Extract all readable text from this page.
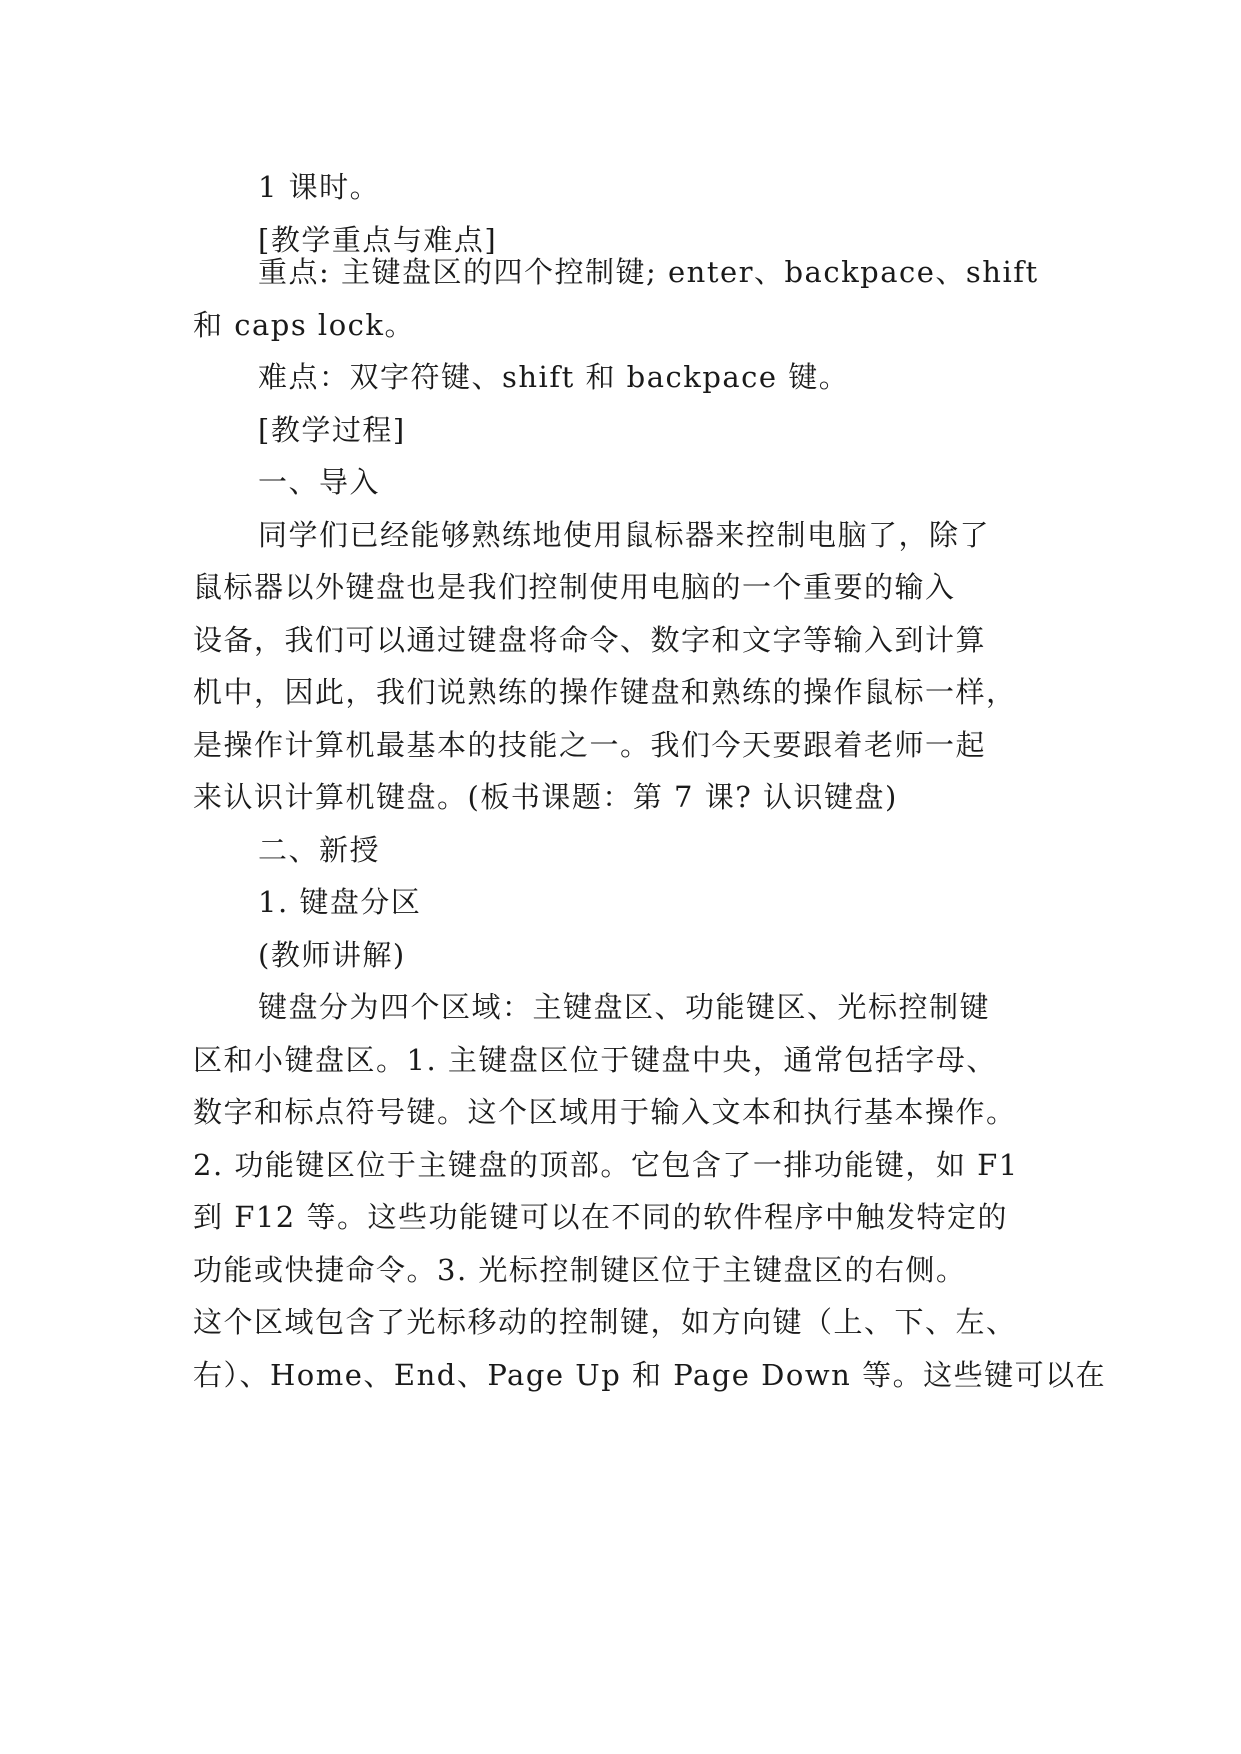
1 课时。
[教学重点与难点]
重点: 主键盘区的四个控制键; enter、backpace、shift
和 caps lock。
难点：双字符键、shift 和 backpace 键。
[教学过程]
一、导入
同学们已经能够熟练地使用鼠标器来控制电脑了，除了
鼠标器以外键盘也是我们控制使用电脑的一个重要的输入
设备，我们可以通过键盘将命令、数字和文字等输入到计算
机中，因此，我们说熟练的操作键盘和熟练的操作鼠标一样，
是操作计算机最基本的技能之一。我们今天要跟着老师一起
来认识计算机键盘。(板书课题：第 7 课? 认识键盘)
二、新授
1. 键盘分区
(教师讲解)
键盘分为四个区域：主键盘区、功能键区、光标控制键
区和小键盘区。1. 主键盘区位于键盘中央，通常包括字母、
数字和标点符号键。这个区域用于输入文本和执行基本操作。
2. 功能键区位于主键盘的顶部。它包含了一排功能键，如 F1
到 F12 等。这些功能键可以在不同的软件程序中触发特定的
功能或快捷命令。3. 光标控制键区位于主键盘区的右侧。
这个区域包含了光标移动的控制键，如方向键（上、下、左、
右）、Home、End、Page Up 和 Page Down 等。这些键可以在
